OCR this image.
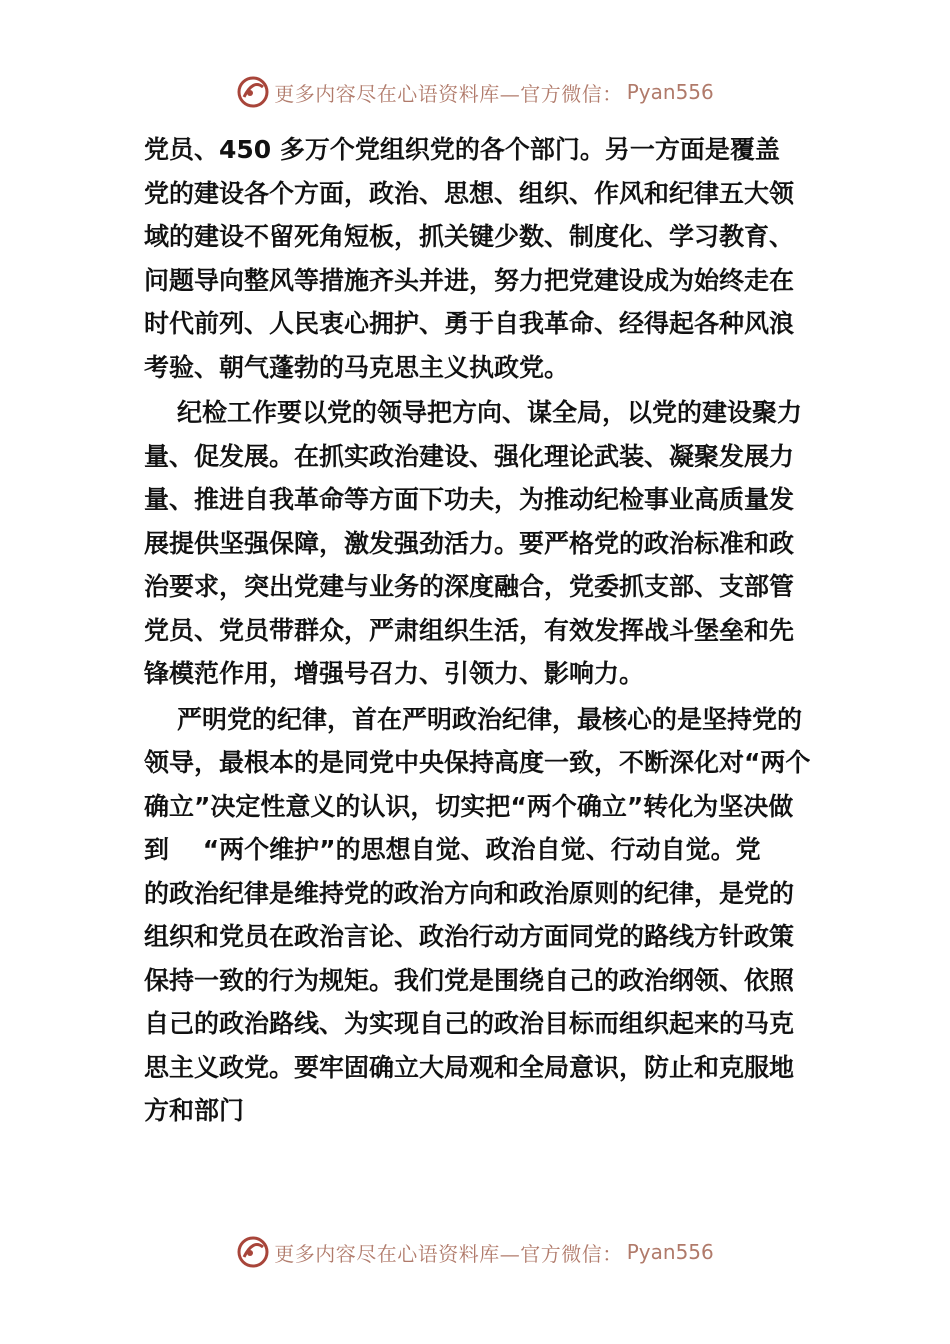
更多内容尽在心语资料库—官方微信： Pyan556

党员、450 多万个党组织党的各个部门。另一方面是覆盖
党的建设各个方面，政治、思想、组织、作风和纪律五大领
域的建设不留死角短板，抓关键少数、制度化、学习教育、
问题导向整风等措施齐头并进，努力把党建设成为始终走在
时代前列、人民衷心拥护、勇于自我革命、经得起各种风浪
考验、朝气蓬勃的马克思主义执政党。

纪检工作要以党的领导把方向、谋全局，以党的建设聚力
量、促发展。在抓实政治建设、强化理论武装、凝聚发展力
量、推进自我革命等方面下功夫，为推动纪检事业高质量发
展提供坚强保障，激发强劲活力。要严格党的政治标准和政
治要求，突出党建与业务的深度融合，党委抓支部、支部管
党员、党员带群众，严肃组织生活，有效发挥战斗堡垒和先
锋模范作用，增强号召力、引领力、影响力。

严明党的纪律，首在严明政治纪律，最核心的是坚持党的
领导，最根本的是同党中央保持高度一致，不断深化对“两个
确立”决定性意义的认识，切实把“两个确立”转化为坚决做
到　 “两个维护”的思想自觉、政治自觉、行动自觉。党
的政治纪律是维持党的政治方向和政治原则的纪律，是党的
组织和党员在政治言论、政治行动方面同党的路线方针政策
保持一致的行为规矩。我们党是围绕自己的政治纲领、依照
自己的政治路线、为实现自己的政治目标而组织起来的马克
思主义政党。要牢固确立大局观和全局意识，防止和克服地
方和部门

更多内容尽在心语资料库—官方微信： Pyan556
